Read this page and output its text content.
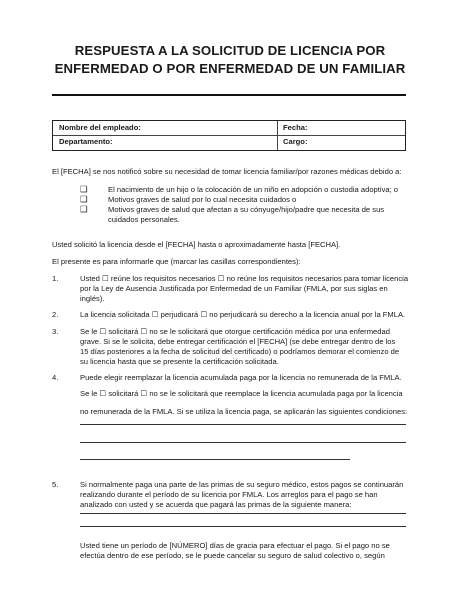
RESPUESTA A LA SOLICITUD DE LICENCIA POR
ENFERMEDAD O POR ENFERMEDAD DE UN FAMILIAR
Nombre del empleado:	Fecha:
Departamento:	Cargo:
El [FECHA] se nos notificó sobre su necesidad de tomar licencia familiar/por razones médicas debido a:
❑	El nacimiento de un hijo o la colocación de un niño en adopción o custodia adoptiva; o
❑	Motivos graves de salud por lo cual necesita cuidados o
❑	Motivos graves de salud que afectan a su cónyuge/hijo/padre que necesita de sus
cuidados personales.
Usted solicitó la licencia desde el [FECHA] hasta o aproximadamente hasta [FECHA].
El presente es para informarle que (marcar las casillas correspondientes):
1.	Usted ☐ reúne los requisitos necesarios ☐ no reúne los requisitos necesarios para tomar licencia
por la Ley de Ausencia Justificada por Enfermedad de un Familiar (FMLA, por sus siglas en
inglés).
2.	La licencia solicitada ☐ perjudicará ☐ no perjudicará su derecho a la licencia anual por la FMLA.
3.	Se le ☐ solicitará ☐ no se le solicitará que otorgue certificación médica por una enfermedad
grave. Si se le solicita, debe entregar certificación el [FECHA] (se debe entregar dentro de los
15 días posteriores a la fecha de solicitud del certificado) o podríamos demorar el comienzo de
su licencia hasta que se presente la certificación solicitada.
4.	Puede elegir reemplazar la licencia acumulada paga por la licencia no remunerada de la FMLA.
Se le ☐ solicitará ☐ no se le solicitará que reemplace la licencia acumulada paga por la licencia
no remunerada de la FMLA. Si se utiliza la licencia paga, se aplicarán las siguientes condiciones:
5.	Si normalmente paga una parte de las primas de su seguro médico, estos pagos se continuarán
realizando durante el período de su licencia por FMLA. Los arreglos para el pago se han
analizado con usted y se acuerda que pagará las primas de la siguiente manera:
Usted tiene un período de [NÚMERO] días de gracia para efectuar el pago. Si el pago no se
efectúa dentro de ese período, se le puede cancelar su seguro de salud colectivo o, según
